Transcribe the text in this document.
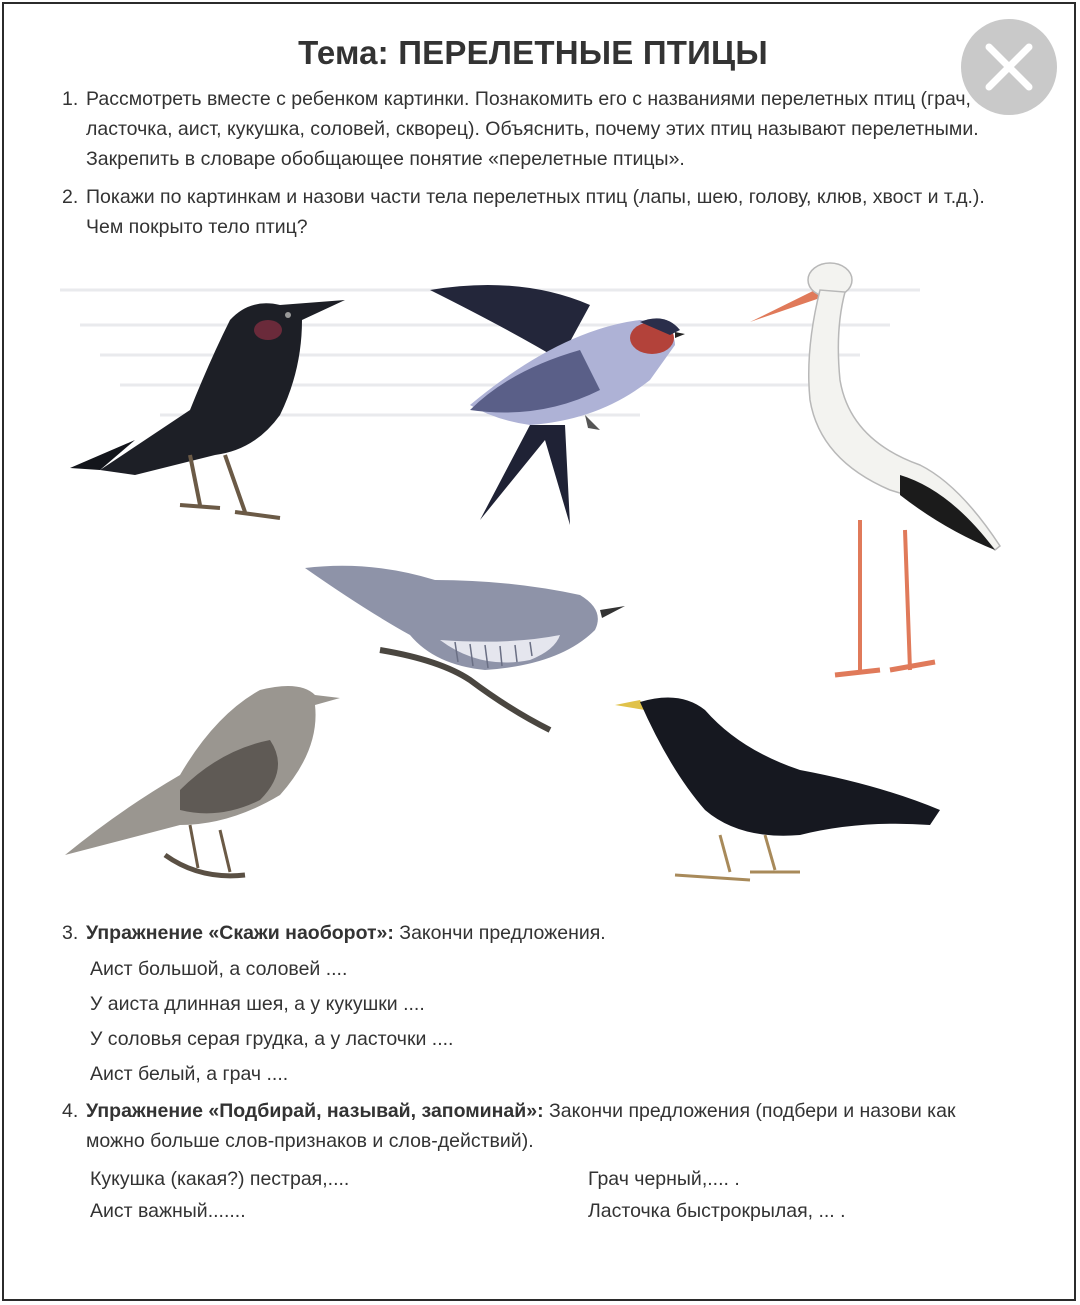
Тема: ПЕРЕЛЕТНЫЕ ПТИЦЫ
1. Рассмотреть вместе с ребенком картинки. Познакомить его с названиями перелетных птиц (грач, ласточка, аист, кукушка, соловей, скворец). Объяснить, почему этих птиц называют перелетными. Закрепить в словаре обобщающее понятие «перелетные птицы».
2. Покажи по картинкам и назови части тела перелетных птиц (лапы, шею, голову, клюв, хвост и т.д.). Чем покрыто тело птиц?
3. Упражнение «Скажи наоборот»: Закончи предложения.
Аист большой, а соловей ....
У аиста длинная шея, а у кукушки ....
У соловья серая грудка, а у ласточки ....
Аист белый, а грач ....
4. Упражнение «Подбирай, называй, запоминай»: Закончи предложения (подбери и назови как можно больше слов-признаков и слов-действий).
Кукушка (какая?) пестрая,....
Аист важный.......
Грач черный,.... .
Ласточка быстрокрылая, ... .
